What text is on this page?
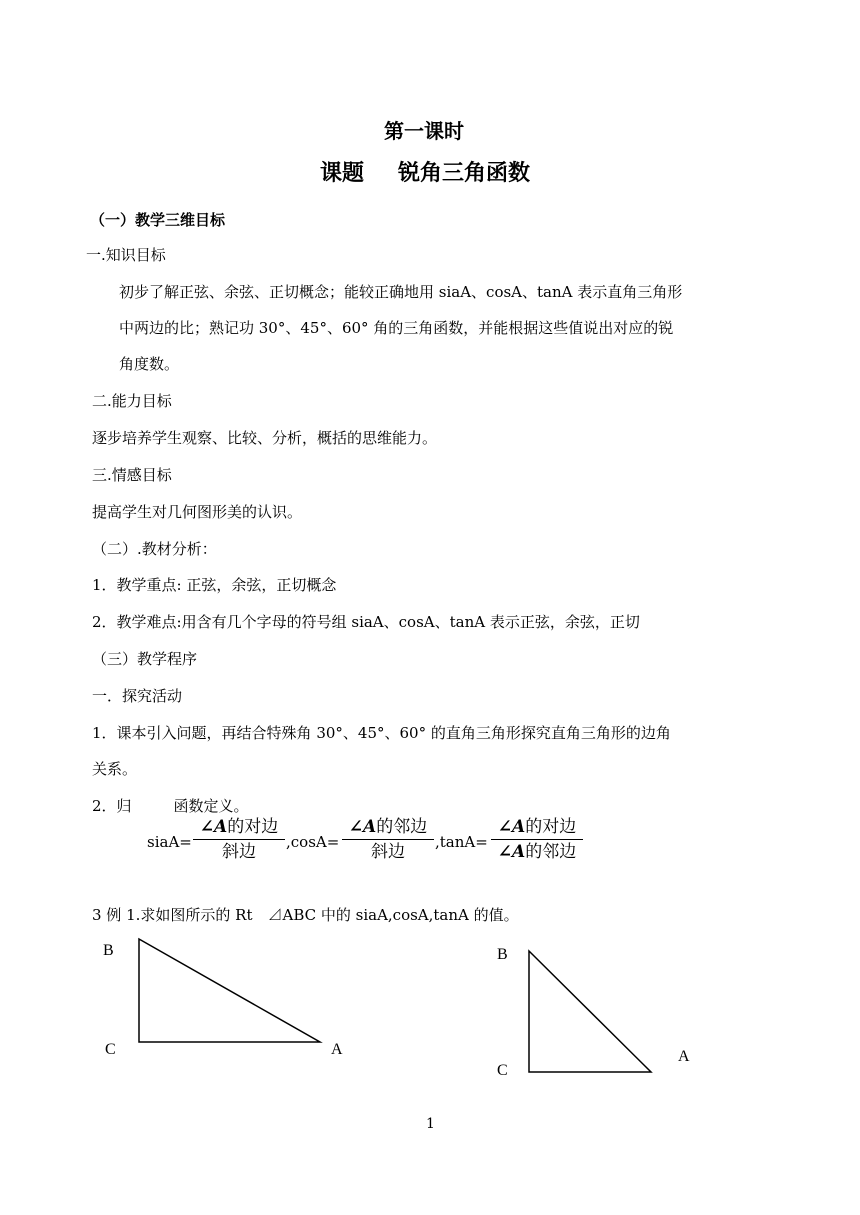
第一课时
课题 锐角三角函数
（一）教学三维目标
一.知识目标
初步了解正弦、余弦、正切概念；能较正确地用 siaA、cosA、tanA 表示直角三角形
中两边的比；熟记功 30°、45°、60° 角的三角函数，并能根据这些值说出对应的锐
角度数。
二.能力目标
逐步培养学生观察、比较、分析，概括的思维能力。
三.情感目标
提高学生对几何图形美的认识。
（二）.教材分析：
1．教学重点: 正弦，余弦，正切概念
2．教学难点:用含有几个字母的符号组 siaA、cosA、tanA 表示正弦，余弦，正切
（三）教学程序
一．探究活动
1．课本引入问题，再结合特殊角 30°、45°、60° 的直角三角形探究直角三角形的边角
关系。
2．归	函数定义。
siaA=
∠A的对边
斜边	,cosA=
∠A的邻边
斜边	,tanA=
∠A的对边
∠A的邻边
3 例 1.求如图所示的 Rt　⊿ABC 中的 siaA,cosA,tanA 的值。
B
C	A
B
C
A
1
